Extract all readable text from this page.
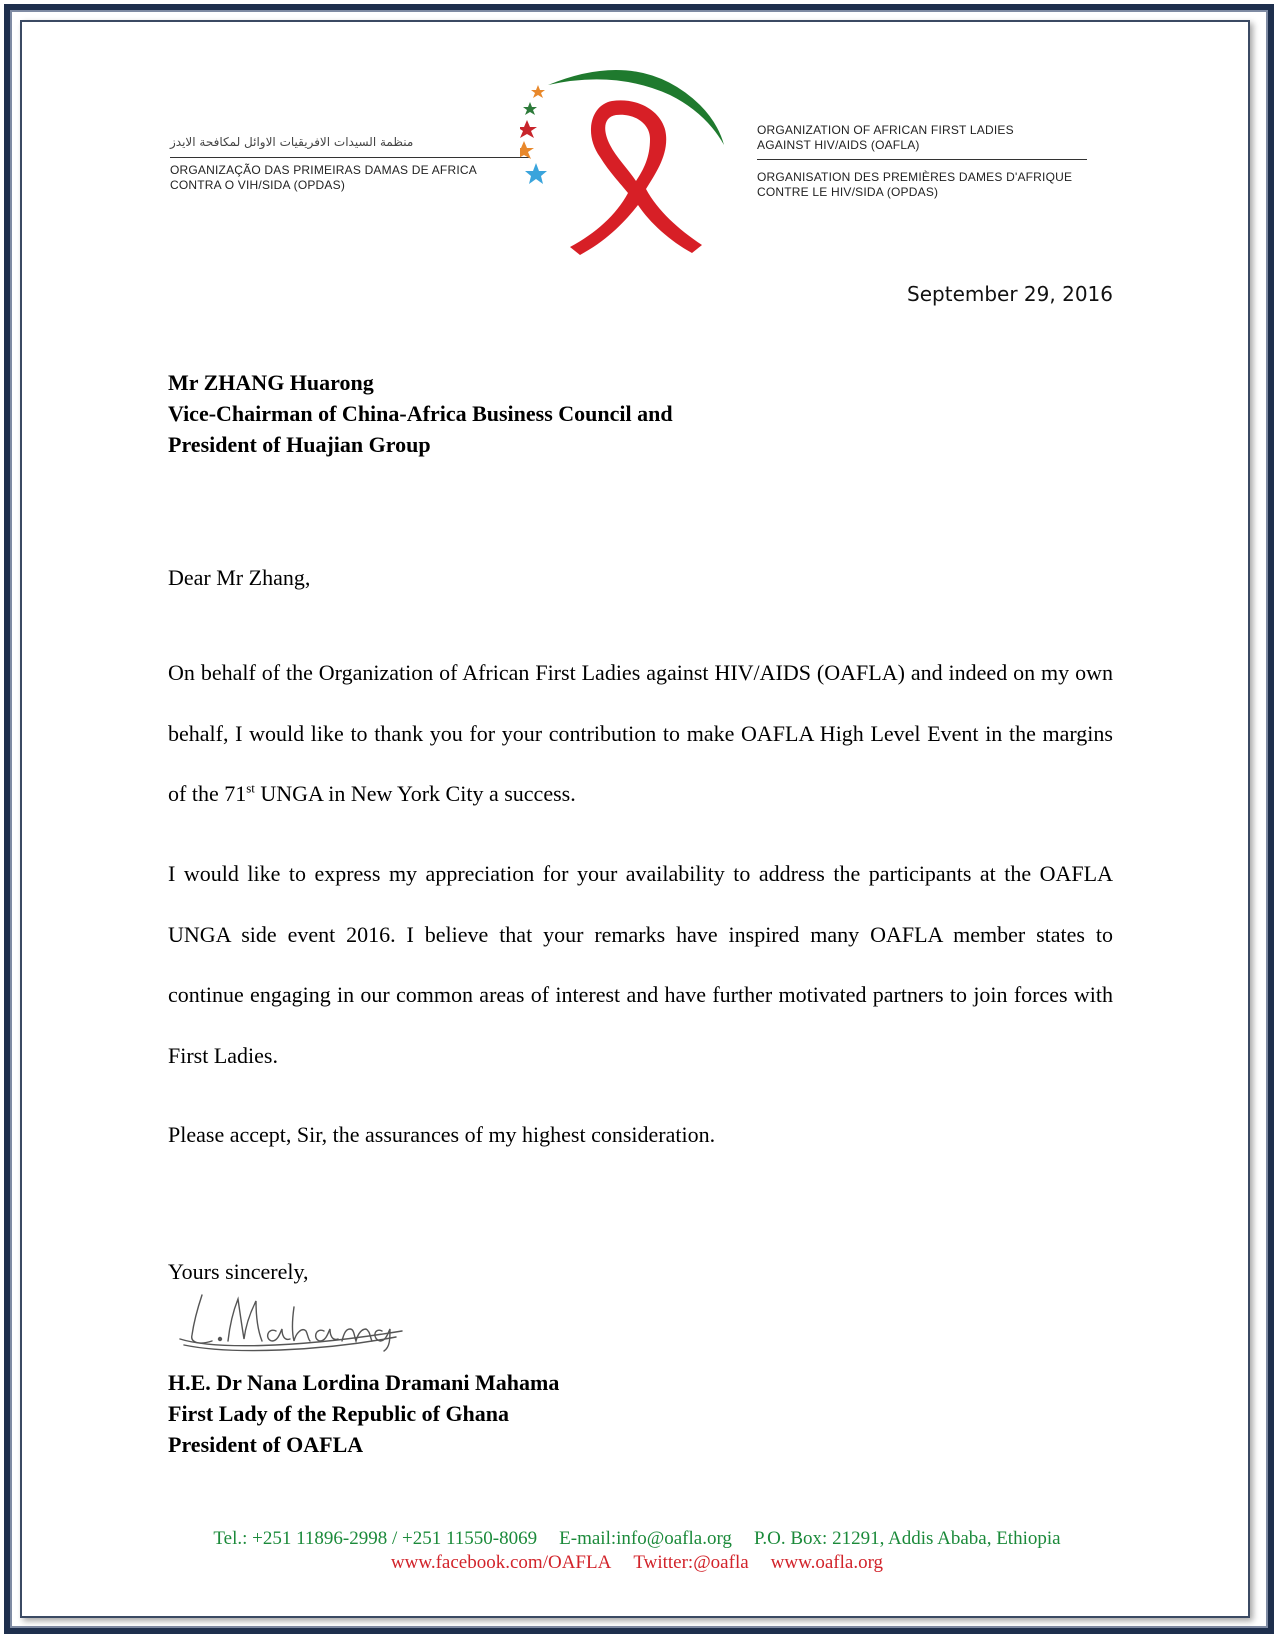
منظمة السيدات الافريقيات الاوائل لمكافحة الايدز
ORGANIZAÇÃO DAS PRIMEIRAS DAMAS DE AFRICA
CONTRA O VIH/SIDA (OPDAS)
ORGANIZATION OF AFRICAN FIRST LADIES
AGAINST HIV/AIDS (OAFLA)
ORGANISATION DES PREMIÈRES DAMES D'AFRIQUE
CONTRE LE HIV/SIDA (OPDAS)
September 29, 2016
Mr ZHANG Huarong
Vice-Chairman of China-Africa Business Council and
President of Huajian Group
Dear Mr Zhang,
On behalf of the Organization of African First Ladies against HIV/AIDS (OAFLA) and indeed on my own behalf, I would like to thank you for your contribution to make OAFLA High Level Event in the margins of the 71st UNGA in New York City a success.
I would like to express my appreciation for your availability to address the participants at the OAFLA UNGA side event 2016. I believe that your remarks have inspired many OAFLA member states to continue engaging in our common areas of interest and have further motivated partners to join forces with First Ladies.
Please accept, Sir, the assurances of my highest consideration.
Yours sincerely,
H.E. Dr Nana Lordina Dramani Mahama
First Lady of the Republic of Ghana
President of OAFLA
Tel.: +251 11896-2998 / +251 11550-8069 E-mail:info@oafla.org P.O. Box: 21291, Addis Ababa, Ethiopia
www.facebook.com/OAFLA Twitter:@oafla www.oafla.org
